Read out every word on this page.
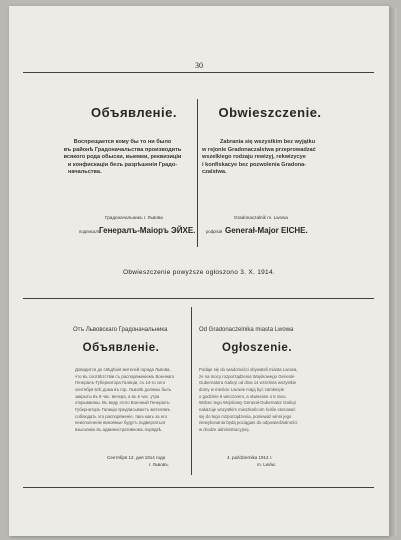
30
Объявленіе.
Воспрещается кому бы то ни было
въ районѣ Градоначальства производить
всякого рода обыски, выемки, реквизиціи
и конфискаціи безъ разрѣшенія Градо-
начальства.
Градоначальникъ г. Львова
подписалъ
Генералъ-Маіоръ ЭЙХЕ.
Obwieszczenie.
Zabrania się wszystkim bez wyjątku
w rejonie Gradonaczalstwa przeprowadzać
wszelkiego rodzaju rewizyj, rekwizycye
i konfiskacye bez pozwolenia Gradona-
czalstwa.
Gradonaczalnik m. Lwowa
podpisał Generał-Major EICHE.
Obwieszczenie powyższe ogłoszono 3. X. 1914.
Отъ Львовскаго Градоначальника
Объявленіе.
Доводится до свѣдѣнія жителей города Львова,
что въ соотвѣтствіи съ распоряженіемъ Военнаго
Генералъ-Губернатора Галиціи, съ 14-го сего
сентября всѣ дома въ гор. Львовѣ должны быть
закрыты въ 9 час. вечера, а въ 6 час. утра
открываемы. Въ виду этого Военный Генералъ-
Губернаторъ Галиціи предписываетъ жителямъ
соблюдать это распоряженіе, такъ какъ за его
неисполненіе виновные будутъ подвергаться
взысканію въ административномъ порядкѣ.
Сентября 12, дня 1914 года
г. Львовъ.
Od Gradonaczelnika miasta Lwowa
Ogłoszenie.
Podaje się do wiadomości obywateli miasta Lwowa,
że na mocy rozporządzenia Wojskowego Generał-
Gubernatora Galicyi od dnia 14 września wszystkie
domy w mieście Lwowie mają być zamknięte
o godzinie 9 wieczorem, a otwierane o 6 rano.
Wobec tego Wojskowy Generał-Gubernator Galicyi
nakazuje wszystkim mieszkańcom ściśle stosować
się do tego rozporządzenia, ponieważ winni jego
niewykonania będą pociągani do odpowiedzialności
w drodze administracyjnej.
4. października 1914 r.
m. Lwów.
